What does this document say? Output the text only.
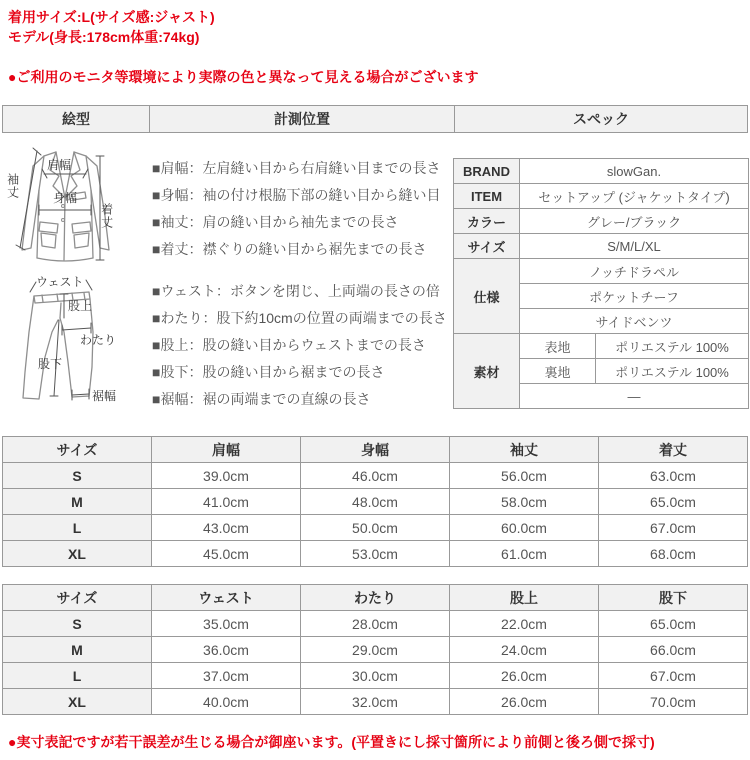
着用サイズ:L(サイズ感:ジャスト)
モデル(身長:178cm体重:74kg)
●ご利用のモニタ等環境により実際の色と異なって見える場合がございます
絵型	計測位置	スペック
肩幅
袖丈	身幅
着丈
ウェスト
股上
わたり
股下
裾幅
■肩幅：左肩縫い目から右肩縫い目までの長さ
■身幅：袖の付け根脇下部の縫い目から縫い目
■袖丈：肩の縫い目から袖先までの長さ
■着丈：襟ぐりの縫い目から裾先までの長さ
■ウェスト：ボタンを閉じ、上両端の長さの倍
■わたり：股下約10cmの位置の両端までの長さ
■股上：股の縫い目からウェストまでの長さ
■股下：股の縫い目から裾までの長さ
■裾幅：裾の両端までの直線の長さ
BRAND	slowGan.	
ITEM	セットアップ (ジャケットタイプ)	
カラー	グレー/ブラック	
サイズ	S/M/L/XL	
仕様	ノッチドラペル	
	ポケットチーフ	
	サイドベンツ	
素材	表地	ポリエステル 100%
	裏地	ポリエステル 100%
	—	
サイズ	肩幅	身幅	袖丈	着丈
S	39.0cm	46.0cm	56.0cm	63.0cm
M	41.0cm	48.0cm	58.0cm	65.0cm
L	43.0cm	50.0cm	60.0cm	67.0cm
XL	45.0cm	53.0cm	61.0cm	68.0cm
サイズ	ウェスト	わたり	股上	股下
S	35.0cm	28.0cm	22.0cm	65.0cm
M	36.0cm	29.0cm	24.0cm	66.0cm
L	37.0cm	30.0cm	26.0cm	67.0cm
XL	40.0cm	32.0cm	26.0cm	70.0cm
●実寸表記ですが若干誤差が生じる場合が御座います。(平置きにし採寸箇所により前側と後ろ側で採寸)
